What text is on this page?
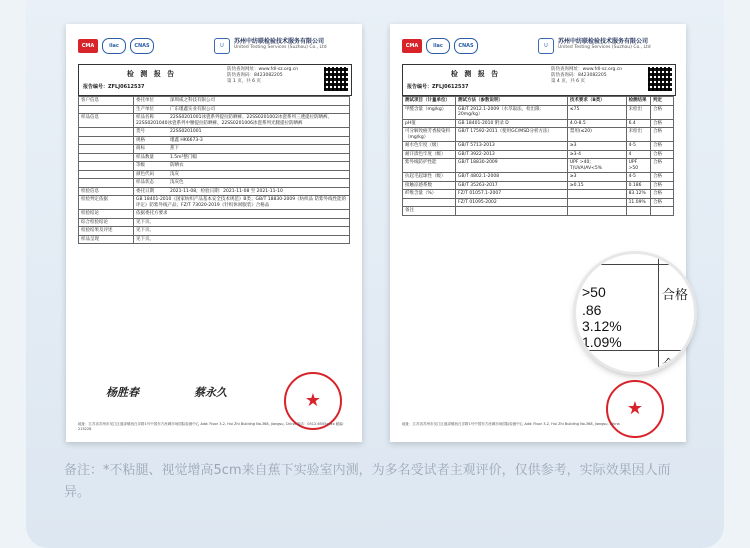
CMA	ilac	CNAS	U
苏州中纺联检验技术服务有限公司
United Testing Services (Suzhou) Co., Ltd
检 测 报 告
报告编号：ZFLJ0612537
防伪查询网址：www.fdl-sz.org.cn
防伪查询码：8423082205
第 1 页，共 6 页
客户信息	委托单位 深圳威之科技有限公司
	生产单位 广东瑾鑫实业有限公司
样品信息	样品名称 22SS0201001冰瓷系列提拉防晒裤、22SS0201002冰瓷系列三透提拉防晒裤、22SS0201040冰瓷系列中腰提拉防晒裤、22SS0201006冰瓷系列光腿提拉防晒裤
	货号 22SS0201001
	规格 瑾鑫 HK6673-3
	商标 蕉下
	样品数量 1.5m²整门幅
	等级 防晒衣
	颜色代码 浅灰
	样品状态 浅灰色
检验信息	委托日期 2021-11-08，检验日期：2021-11-08 至 2021-11-10
检验判定依据	GB 18401-2010《国家纺织产品基本安全技术规范》B类；GB/T 18830-2009《纺织品 防紫外线性能的评定》防紫外线产品；FZ/T 73020-2019《针织休闲服装》合格品
检验结论	依据委托方要求
综合检验结论	见下页。
检验结果及评述	见下页。
样品呈现	见下页。
杨胜春	蔡永久	★
地址：江苏省苏州市吴江区盛泽镇西白洋路1号中国东方丝绸市场国际检测中心 Add: Floor 3-2, Hui Zhi Building No.368, Jiangsu, China 电话：0512-6555xxxx 邮编：215228
CMA	ilac	CNAS	U
苏州中纺联检验技术服务有限公司
United Testing Services (Suzhou) Co., Ltd
检 测 报 告
报告编号：ZFLJ0612537
防伪查询网址：www.fdl-sz.org.cn
防伪查询码：8423082205
第 4 页，共 6 页
测试项目（计量单位）	测试方法（参数说明）	技术要求（B类）	检测结果	判定
甲醛含量（mg/kg）	GB/T 2912.1-2009（水萃取法，检出限：20mg/kg）	≤75	未检出	合格
pH值	GB 18401-2010 附录 D	4.0-8.5	6.4	合格
可分解致癌芳香胺染料（mg/kg）	GB/T 17592-2011（使用GC/MSD分析方法）	禁用(≤20)	未检出	合格
耐水色牢度（级）	GB/T 5713-2013	≥3	4-5	合格
耐汗渍色牢度（级）	GB/T 3922-2013	≥3-4	4	合格
紫外线防护性能	GB/T 18830-2009	UPF >40; T(UVA)AV<5%	UPF >50	合格
抗起毛起球性（级）	GB/T 4802.1-2008	≥3	4-5	合格
接触凉感系数	GB/T 35263-2017	≥0.15	0.186	合格
纤维含量（%）	FZ/T 01057.1-2007		83.12%	合格
	FZ/T 01095-2002		11.09%	合格
备注				
★
地址：江苏省苏州市吴江区盛泽镇西白洋路1号中国东方丝绸市场国际检测中心 Add: Floor 3-2, Hui Zhi Building No.368, Jiangsu, China
>50
.86
3.12%
1.09%
合格
合格
备注：*不粘腿、视觉增高5cm来自蕉下实验室内测，为多名受试者主观评价，仅供参考，实际效果因人而异。
